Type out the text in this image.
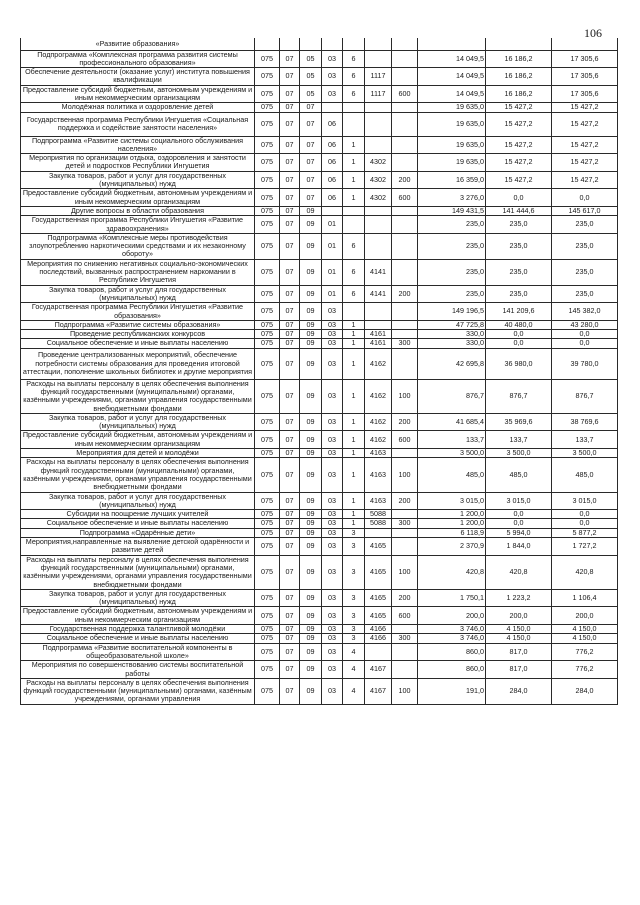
106
«Развитие образования»										
Подпрограмма «Комплексная программа развития системы профессионального образования»	075	07	05	03	6			14 049,5	16 186,2	17 305,6
Обеспечение деятельности (оказание услуг) института повышения квалификации	075	07	05	03	6	1117		14 049,5	16 186,2	17 305,6
Предоставление субсидий бюджетным, автономным учреждениям и иным некоммерческим организациям	075	07	05	03	6	1117	600	14 049,5	16 186,2	17 305,6
Молодёжная политика и оздоровление детей	075	07	07					19 635,0	15 427,2	15 427,2
Государственная программа Республики Ингушетия «Социальная поддержка и содействие занятости населения»	075	07	07	06				19 635,0	15 427,2	15 427,2
Подпрограмма «Развитие системы социального обслуживания населения»	075	07	07	06	1			19 635,0	15 427,2	15 427,2
Мероприятия по организации отдыха, оздоровления и занятости детей и подростков Республики Ингушетия	075	07	07	06	1	4302		19 635,0	15 427,2	15 427,2
Закупка товаров, работ и услуг для государственных (муниципальных) нужд	075	07	07	06	1	4302	200	16 359,0	15 427,2	15 427,2
Предоставление субсидий бюджетным, автономным учреждениям и иным некоммерческим организациям	075	07	07	06	1	4302	600	3 276,0	0,0	0,0
Другие вопросы в области образования	075	07	09					149 431,5	141 444,6	145 617,0
Государственная программа Республики Ингушетия «Развитие здравоохранения»	075	07	09	01				235,0	235,0	235,0
Подпрограмма «Комплексные меры противодействия злоупотреблению наркотическими средствами и их незаконному обороту»	075	07	09	01	6			235,0	235,0	235,0
Мероприятия по снижению негативных социально-экономических последствий, вызванных распространением наркомании в Республике Ингушетия	075	07	09	01	6	4141		235,0	235,0	235,0
Закупка товаров, работ и услуг для государственных (муниципальных) нужд	075	07	09	01	6	4141	200	235,0	235,0	235,0
Государственная программа Республики Ингушетия «Развитие образования»	075	07	09	03				149 196,5	141 209,6	145 382,0
Подпрограмма «Развитие системы образования»	075	07	09	03	1			47 725,8	40 480,0	43 280,0
Проведение республиканских конкурсов	075	07	09	03	1	4161		330,0	0,0	0,0
Социальное обеспечение и иные выплаты населению	075	07	09	03	1	4161	300	330,0	0,0	0,0
Проведение централизованных мероприятий, обеспечение потребности системы образования для проведения итоговой аттестации, пополнение школьных библиотек и другие мероприятия	075	07	09	03	1	4162		42 695,8	36 980,0	39 780,0
Расходы на выплаты персоналу в целях обеспечения выполнения функций государственными (муниципальными) органами, казёнными учреждениями, органами управления государственными внебюджетными фондами	075	07	09	03	1	4162	100	876,7	876,7	876,7
Закупка товаров, работ и услуг для государственных (муниципальных) нужд	075	07	09	03	1	4162	200	41 685,4	35 969,6	38 769,6
Предоставление субсидий бюджетным, автономным учреждениям и иным некоммерческим организациям	075	07	09	03	1	4162	600	133,7	133,7	133,7
Мероприятия для детей и молодёжи	075	07	09	03	1	4163		3 500,0	3 500,0	3 500,0
Расходы на выплаты персоналу в целях обеспечения выполнения функций государственными (муниципальными) органами, казёнными учреждениями, органами управления государственными внебюджетными фондами	075	07	09	03	1	4163	100	485,0	485,0	485,0
Закупка товаров, работ и услуг для государственных (муниципальных) нужд	075	07	09	03	1	4163	200	3 015,0	3 015,0	3 015,0
Субсидии на поощрение лучших учителей	075	07	09	03	1	5088		1 200,0	0,0	0,0
Социальное обеспечение и иные выплаты населению	075	07	09	03	1	5088	300	1 200,0	0,0	0,0
Подпрограмма «Одарённые дети»	075	07	09	03	3			6 118,9	5 994,0	5 877,2
Мероприятия,направленные на выявление детской одарённости и развитие детей	075	07	09	03	3	4165		2 370,9	1 844,0	1 727,2
Расходы на выплаты персоналу в целях обеспечения выполнения функций государственными (муниципальными) органами, казёнными учреждениями, органами управления государственными внебюджетными фондами	075	07	09	03	3	4165	100	420,8	420,8	420,8
Закупка товаров, работ и услуг для государственных (муниципальных) нужд	075	07	09	03	3	4165	200	1 750,1	1 223,2	1 106,4
Предоставление субсидий бюджетным, автономным учреждениям и иным некоммерческим организациям	075	07	09	03	3	4165	600	200,0	200,0	200,0
Государственная поддержка талантливой молодёжи	075	07	09	03	3	4166		3 746,0	4 150,0	4 150,0
Социальное обеспечение и иные выплаты населению	075	07	09	03	3	4166	300	3 746,0	4 150,0	4 150,0
Подпрограмма «Развитие воспитательной компоненты в общеобразовательной школе»	075	07	09	03	4			860,0	817,0	776,2
Мероприятия по совершенствованию системы воспитательной работы	075	07	09	03	4	4167		860,0	817,0	776,2
Расходы на выплаты персоналу в целях обеспечения выполнения функций государственными (муниципальными) органами, казённым учреждениями, органами управления	075	07	09	03	4	4167	100	191,0	284,0	284,0
